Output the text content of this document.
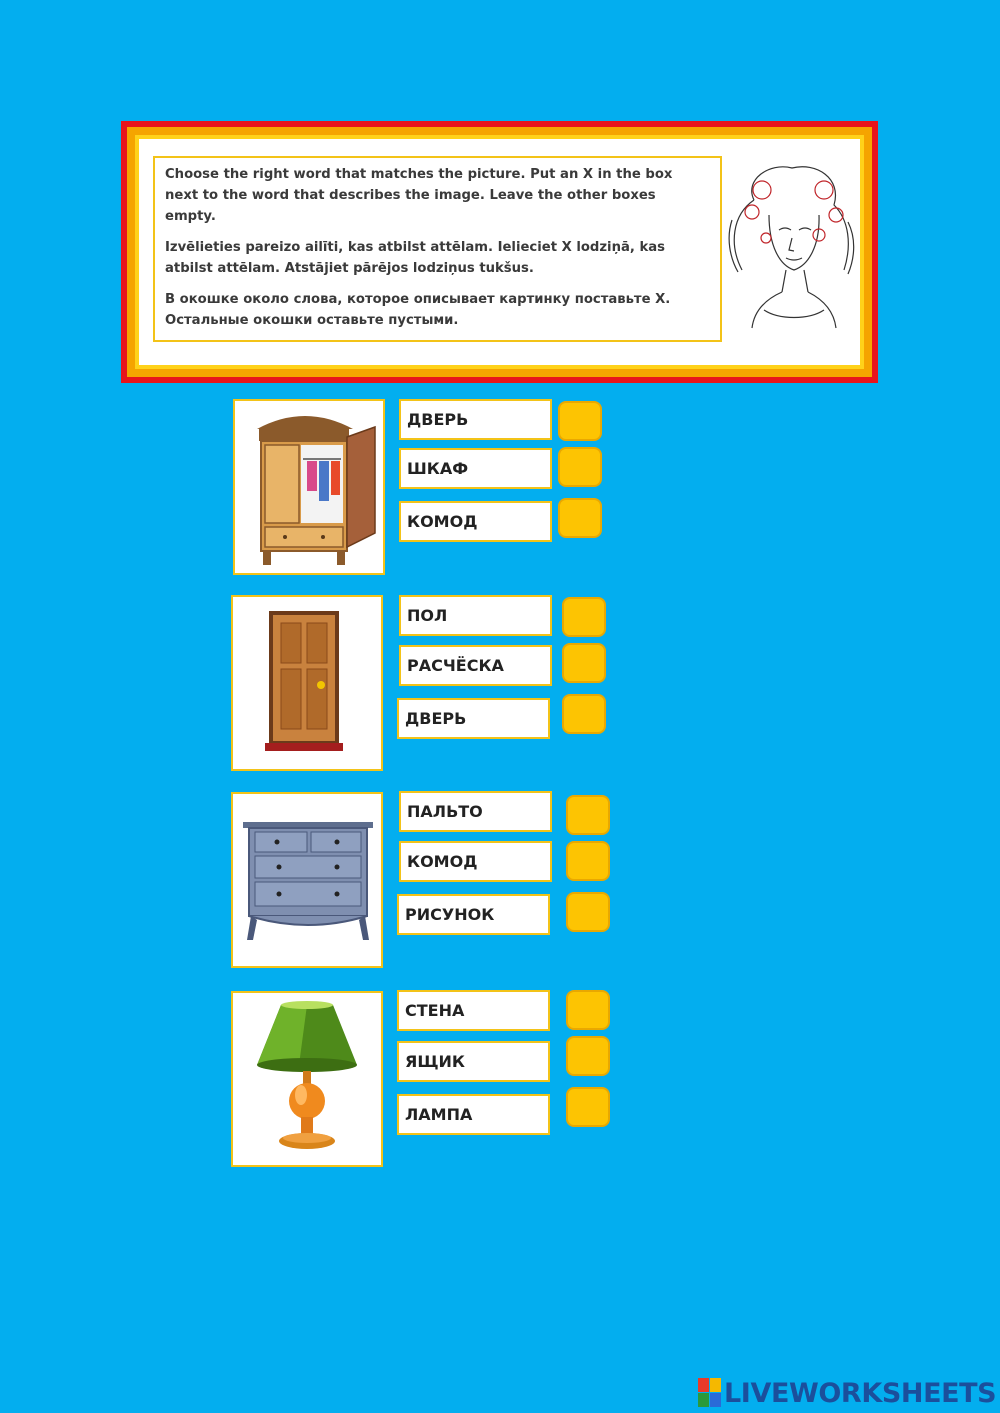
Choose the right word that matches the picture. Put an X in the box next to the word that describes the image. Leave the other boxes empty.

Izvēlieties pareizo ailīti, kas atbilst attēlam. Ielieciet X lodziņā, kas atbilst attēlam. Atstājiet pārējos lodziņus tukšus.

В окошке около слова, которое описывает картинку поставьте X. Остальные окошки оставьте пустыми.

ДВЕРЬ
ШКАФ
КОМОД
ПОЛ
РАСЧЁСКА
ДВЕРЬ
ПАЛЬТО
КОМОД
РИСУНОК
СТЕНА
ЯЩИК
ЛАМПА
LIVEWORKSHEETS
